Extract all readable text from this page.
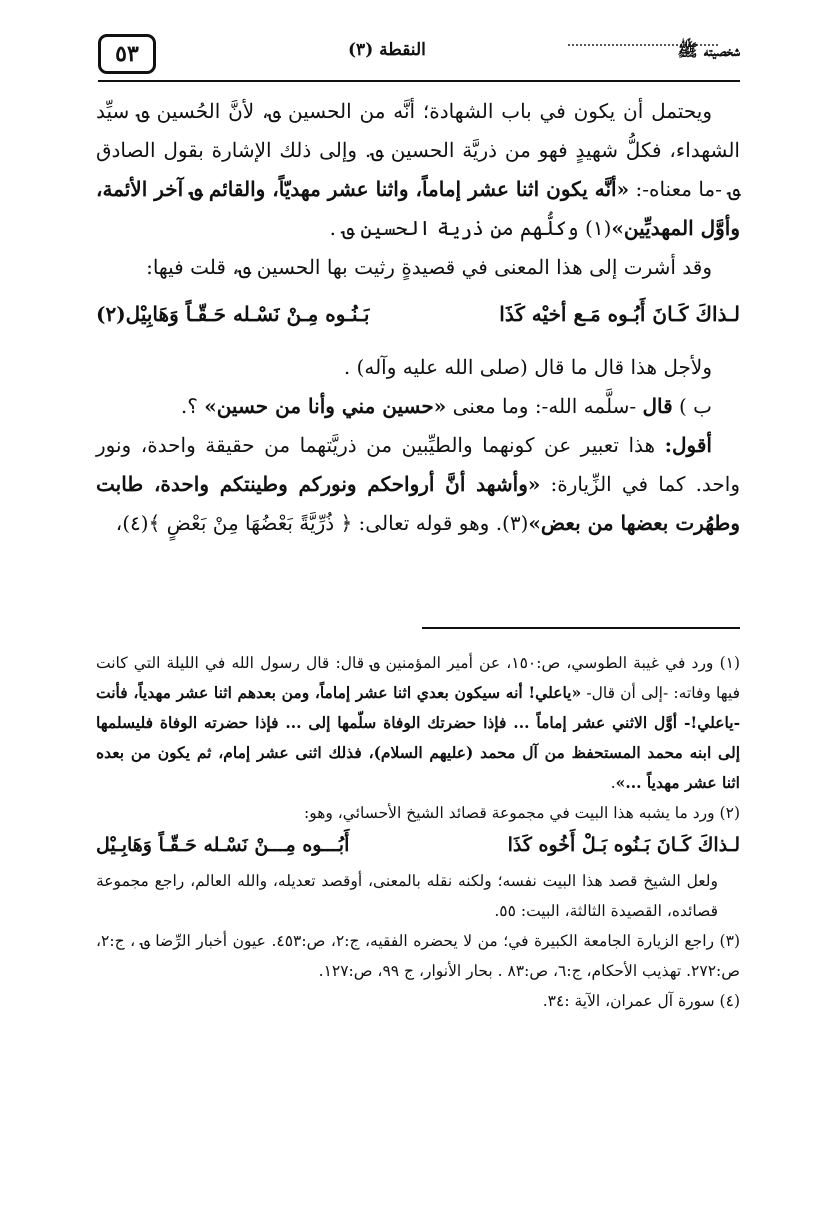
٥٣	النقطة (٣)	شخصيته ﷺ

ويحتمل أن يكون في باب الشهادة؛ أنَّه من الحسين ؈، لأنَّ الحُسين ؈ سيِّد الشهداء، فكلُّ شهيدٍ فهو من ذريَّة الحسين ؈. وإلى ذلك الإشارة بقول الصادق ؈ -ما معناه-: «أنَّه يكون اثنا عشر إماماً، واثنا عشر مهديّاً، والقائم ؈ آخر الأئمة، وأوَّل المهديِّين»(١) وكلُّهم من ذرية الحسين ؈ .

وقد أشرت إلى هذا المعنى في قصيدةٍ رثيت بها الحسين ؈، قلت فيها:

لـذاكَ كَـانَ أَبُـوه مَـع أخيْه كَذَا
بَـنُـوه مِـنْ نَسْـله حَـقّـاً وَهَابِيْل(٢)

ولأجل هذا قال ما قال (صلى الله عليه وآله) .

ب ) قال -سلَّمه الله-: وما معنى «حسين مني وأنا من حسين» ؟.

أقول: هذا تعبير عن كونهما والطيِّبين من ذريَّتهما من حقيقة واحدة، ونور واحد. كما في الزِّيارة: «وأشهد أنَّ أرواحكم ونوركم وطينتكم واحدة، طابت وطهُرت بعضها من بعض»(٣). وهو قوله تعالى: ﴿ ذُرِّيَّةً بَعْضُهَا مِنْ بَعْضٍ ﴾(٤)،

(١) ورد في غيبة الطوسي، ص:١٥٠، عن أمير المؤمنين ؈ قال: قال رسول الله في الليلة التي كانت فيها وفاته: -إلى أن قال- «ياعلي! أنه سيكون بعدي اثنا عشر إماماً، ومن بعدهم اثنا عشر مهدياً، فأنت -ياعلي!- أوَّل الاثني عشر إماماً ... فإذا حضرتك الوفاة سلّمها إلى ... فإذا حضرته الوفاة فليسلمها إلى ابنه محمد المستحفظ من آل محمد (عليهم السلام)، فذلك اثنى عشر إمام، ثم يكون من بعده اثنا عشر مهدياً ...».

(٢) ورد ما يشبه هذا البيت في مجموعة قصائد الشيخ الأحسائي، وهو:

لـذاكَ كَـانَ بَـنُوه بَـلْ أَخُوه كَذَا
أَبُـــوه مِـــنْ نَسْـله حَـقّـاً وَهَابِـيْل

ولعل الشيخ قصد هذا البيت نفسه؛ ولكنه نقله بالمعنى، أوقصد تعديله، والله العالم، راجع مجموعة قصائده، القصيدة الثالثة، البيت: ٥٥.

(٣) راجع الزيارة الجامعة الكبيرة في؛ من لا يحضره الفقيه، ج:٢، ص:٤٥٣. عيون أخبار الرِّضا ؈ ، ج:٢، ص:٢٧٢. تهذيب الأحكام، ج:٦، ص:٨٣ . بحار الأنوار، ج ٩٩، ص:١٢٧.

(٤) سورة آل عمران، الآية :٣٤.
